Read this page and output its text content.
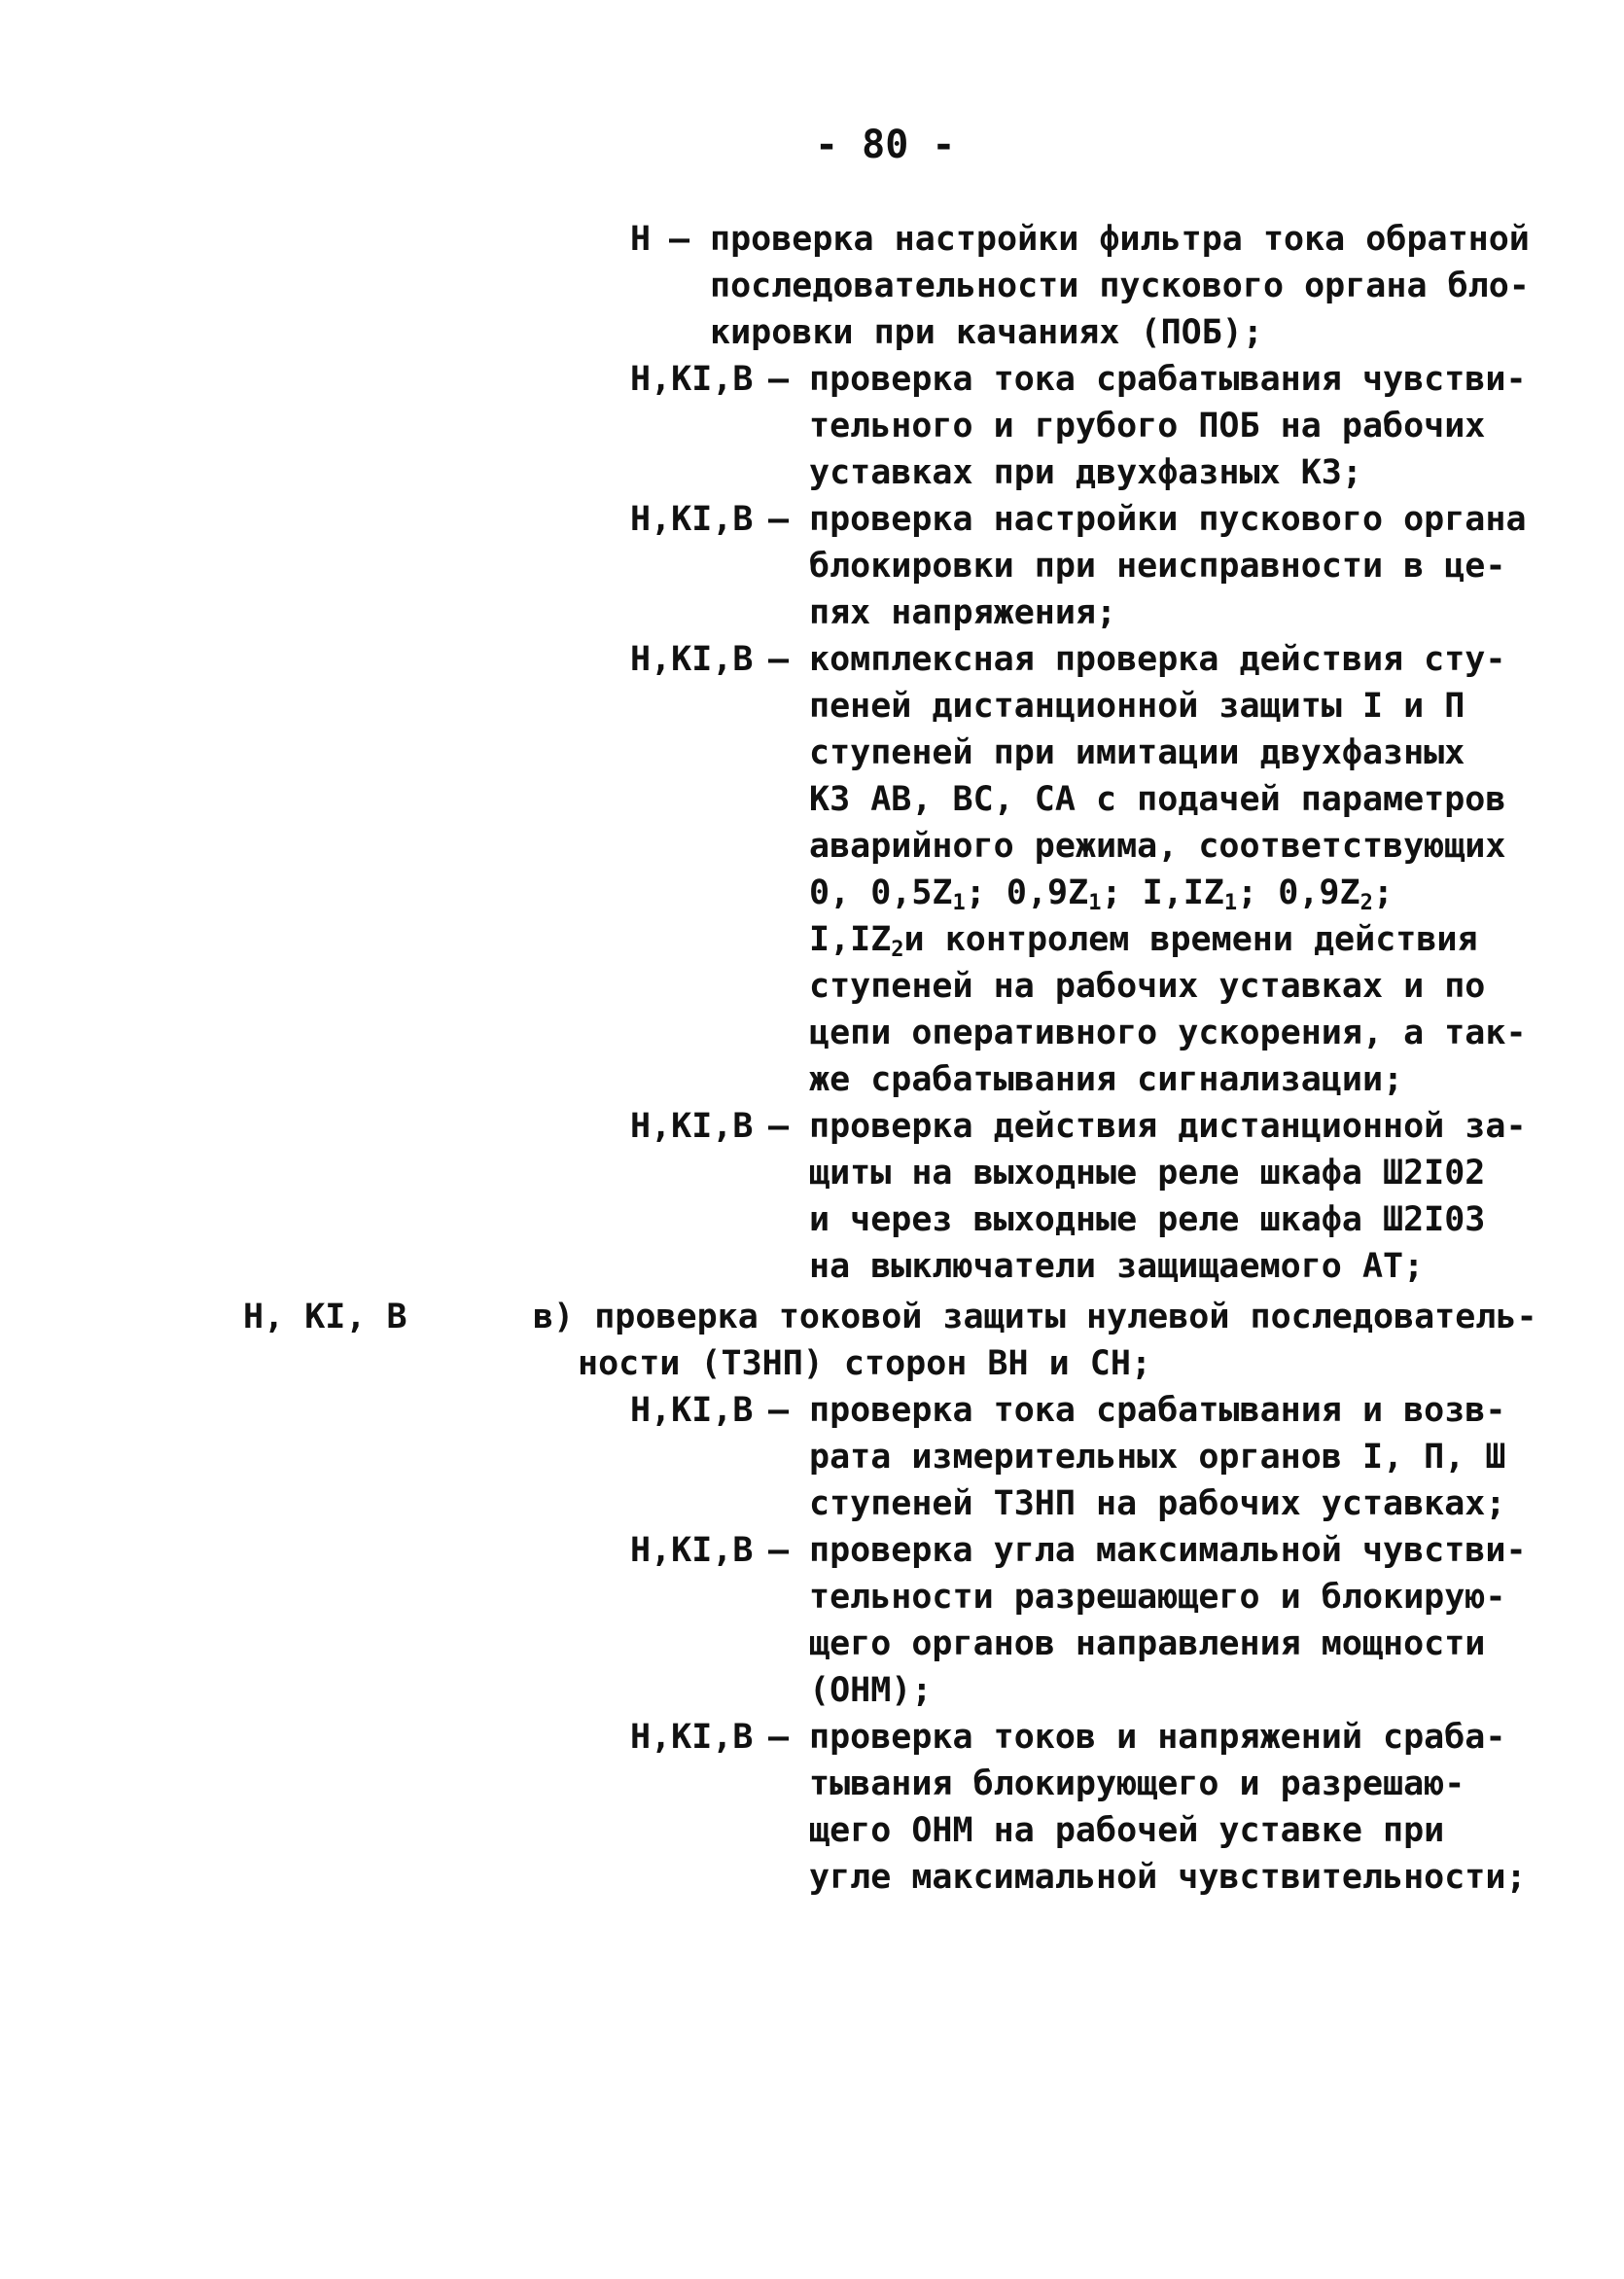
- 80 -
Н – проверка настройки фильтра тока обратной
последовательности пускового органа бло-
кировки при качаниях (ПОБ);
Н,КI,В – проверка тока срабатывания чувстви-
тельного и грубого ПОБ на рабочих
уставках при двухфазных КЗ;
Н,КI,В – проверка настройки пускового органа
блокировки при неисправности в це-
пях напряжения;
Н,КI,В – комплексная проверка действия сту-
пеней дистанционной защиты I и П
ступеней при имитации двухфазных
КЗ АВ, ВС, СА с подачей параметров
аварийного режима, соответствующих
0, $0,5Z_1$; $0,9Z_1$; $I,IZ_1$; $0,9Z_2$;
$I,IZ_2и$ контролем времени действия
ступеней на рабочих уставках и по
цепи оперативного ускорения, а так-
же срабатывания сигнализации;
Н,КI,В – проверка действия дистанционной за-
щиты на выходные реле шкафа Ш2I02
и через выходные реле шкафа Ш2I03
на выключатели защищаемого АТ;
Н, КI, В	в) проверка токовой защиты нулевой последователь-
ности (ТЗНП) сторон ВН и СН;
Н,КI,В – проверка тока срабатывания и возв-
рата измерительных органов I, П, Ш
ступеней ТЗНП на рабочих уставках;
Н,КI,В – проверка угла максимальной чувстви-
тельности разрешающего и блокирую-
щего органов направления мощности
(ОНМ);
Н,КI,В – проверка токов и напряжений сраба-
тывания блокирующего и разрешаю-
щего ОНМ на рабочей уставке при
угле максимальной чувствительности;
